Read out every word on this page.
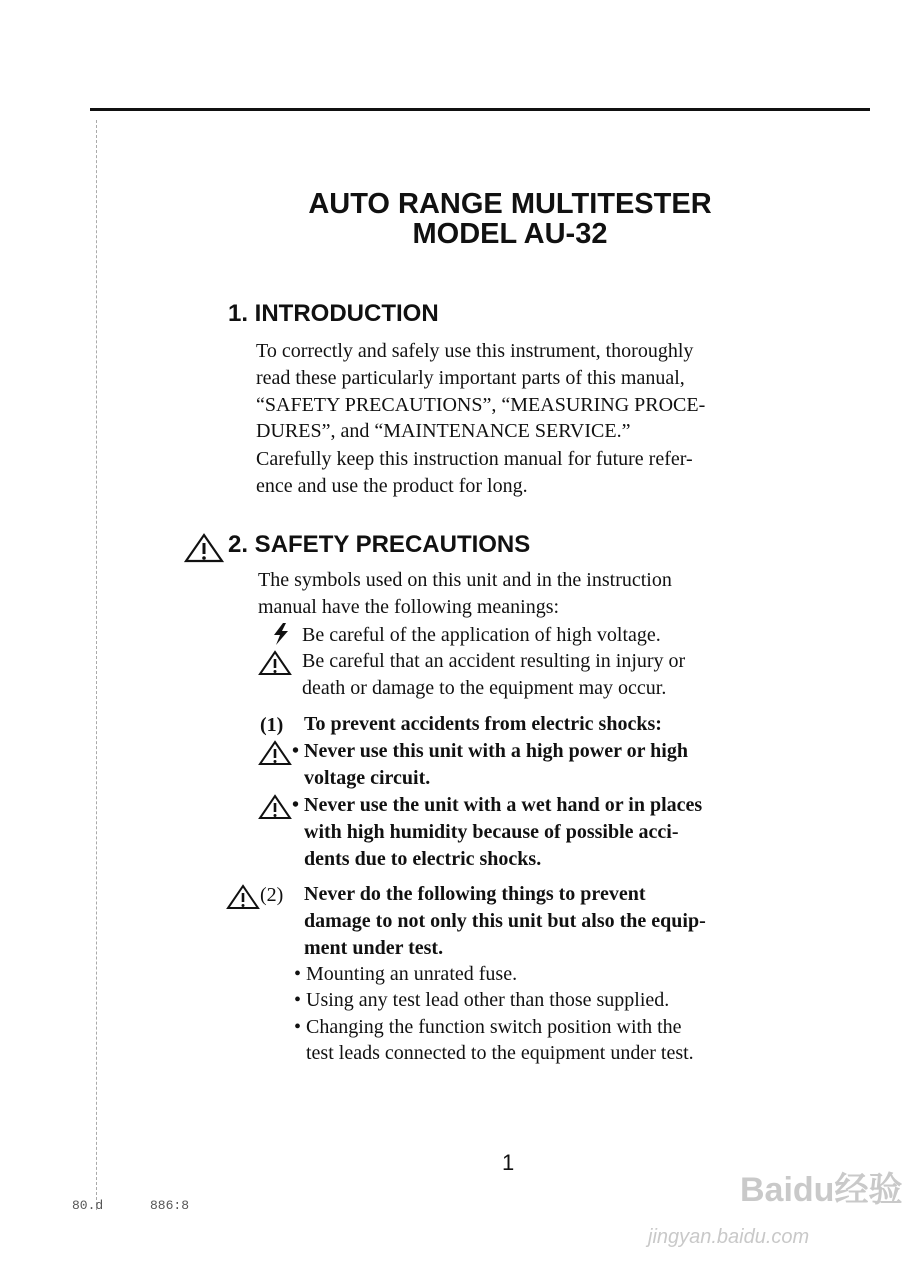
AUTO RANGE MULTITESTER
MODEL AU-32
1. INTRODUCTION
To correctly and safely use this instrument, thoroughly
read these particularly important parts of this manual,
“SAFETY PRECAUTIONS”, “MEASURING PROCE-
DURES”, and “MAINTENANCE SERVICE.”
Carefully keep this instruction manual for future refer-
ence and use the product for long.
2. SAFETY PRECAUTIONS
The symbols used on this unit and in the instruction
manual have the following meanings:
Be careful of the application of high voltage.
Be careful that an accident resulting in injury or
death or damage to the equipment may occur.
(1) To prevent accidents from electric shocks:
• Never use this unit with a high power or high
voltage circuit.
• Never use the unit with a wet hand or in places
with high humidity because of possible acci-
dents due to electric shocks.
(2) Never do the following things to prevent
damage to not only this unit but also the equip-
ment under test.
• Mounting an unrated fuse.
• Using any test lead other than those supplied.
• Changing the function switch position with the
test leads connected to the equipment under test.
1
80.d	886:8	Baidu经验
jingyan.baidu.com
